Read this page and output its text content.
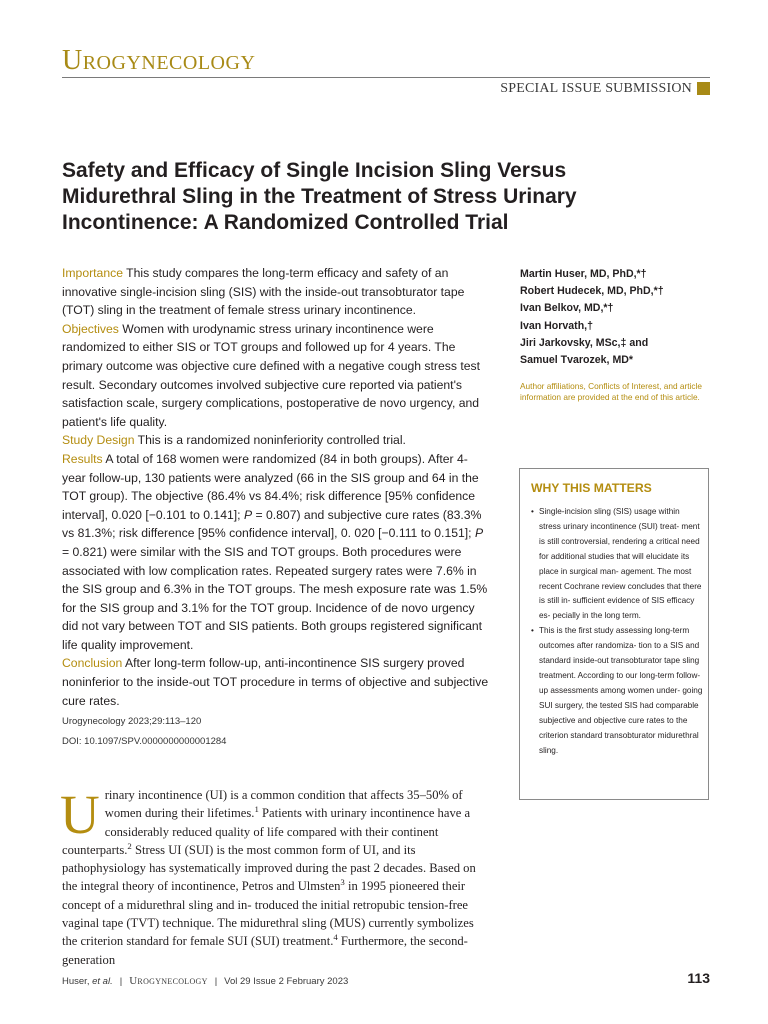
Urogynecology
SPECIAL ISSUE SUBMISSION
Safety and Efficacy of Single Incision Sling Versus Midurethral Sling in the Treatment of Stress Urinary Incontinence: A Randomized Controlled Trial

Importance This study compares the long-term efficacy and safety of an innovative single-incision sling (SIS) with the inside-out transobturator tape (TOT) sling in the treatment of female stress urinary incontinence.

Objectives Women with urodynamic stress urinary incontinence were randomized to either SIS or TOT groups and followed up for 4 years. The primary outcome was objective cure defined with a negative cough stress test result. Secondary outcomes involved subjective cure reported via patient's satisfaction scale, surgery complications, postoperative de novo urgency, and patient's life quality.

Study Design This is a randomized noninferiority controlled trial.

Results A total of 168 women were randomized (84 in both groups). After 4-year follow-up, 130 patients were analyzed (66 in the SIS group and 64 in the TOT group). The objective (86.4% vs 84.4%; risk difference [95% confidence interval], 0.020 [−0.101 to 0.141]; P = 0.807) and subjective cure rates (83.3% vs 81.3%; risk difference [95% confidence interval], 0. 020 [−0.111 to 0.151]; P = 0.821) were similar with the SIS and TOT groups. Both procedures were associated with low complication rates. Repeated surgery rates were 7.6% in the SIS group and 6.3% in the TOT groups. The mesh exposure rate was 1.5% for the SIS group and 3.1% for the TOT group. Incidence of de novo urgency did not vary between TOT and SIS patients. Both groups registered significant life quality improvement.

Conclusion After long-term follow-up, anti-incontinence SIS surgery proved noninferior to the inside-out TOT procedure in terms of objective and subjective cure rates.

Urogynecology 2023;29:113–120
DOI: 10.1097/SPV.0000000000001284
Martin Huser, MD, PhD,*†
Robert Hudecek, MD, PhD,*†
Ivan Belkov, MD,*†
Ivan Horvath,†
Jiri Jarkovsky, MSc,‡ and
Samuel Tvarozek, MD*
Author affiliations, Conflicts of Interest, and article information are provided at the end of this article.
WHY THIS MATTERS

• Single-incision sling (SIS) usage within stress urinary incontinence (SUI) treat- ment is still controversial, rendering a critical need for additional studies that will elucidate its place in surgical man- agement. The most recent Cochrane review concludes that there is still in- sufficient evidence of SIS efficacy es- pecially in the long term.

• This is the first study assessing long-term outcomes after randomiza- tion to a SIS and standard inside-out transobturator tape sling treatment. According to our long-term follow-up assessments among women under- going SUI surgery, the tested SIS had comparable subjective and objective cure rates to the criterion standard transobturator midurethral sling.

Urinary incontinence (UI) is a common condition that affects 35–50% of women during their lifetimes.$^1$ Patients with urinary incontinence have a considerably reduced quality of life compared with their continent counterparts.$^2$ Stress UI (SUI) is the most common form of UI, and its pathophysiology has systematically improved during the past 2 decades. Based on the integral theory of incontinence, Petros and Ulmsten$^3$ in 1995 pioneered their concept of a midurethral sling and in- troduced the initial retropubic tension-free vaginal tape (TVT) technique. The midurethral sling (MUS) currently symbolizes the criterion standard for female SUI (SUI) treatment.$^4$ Furthermore, the second-generation
Huser, et al. | Urogynecology | Vol 29 Issue 2 February 2023	113
